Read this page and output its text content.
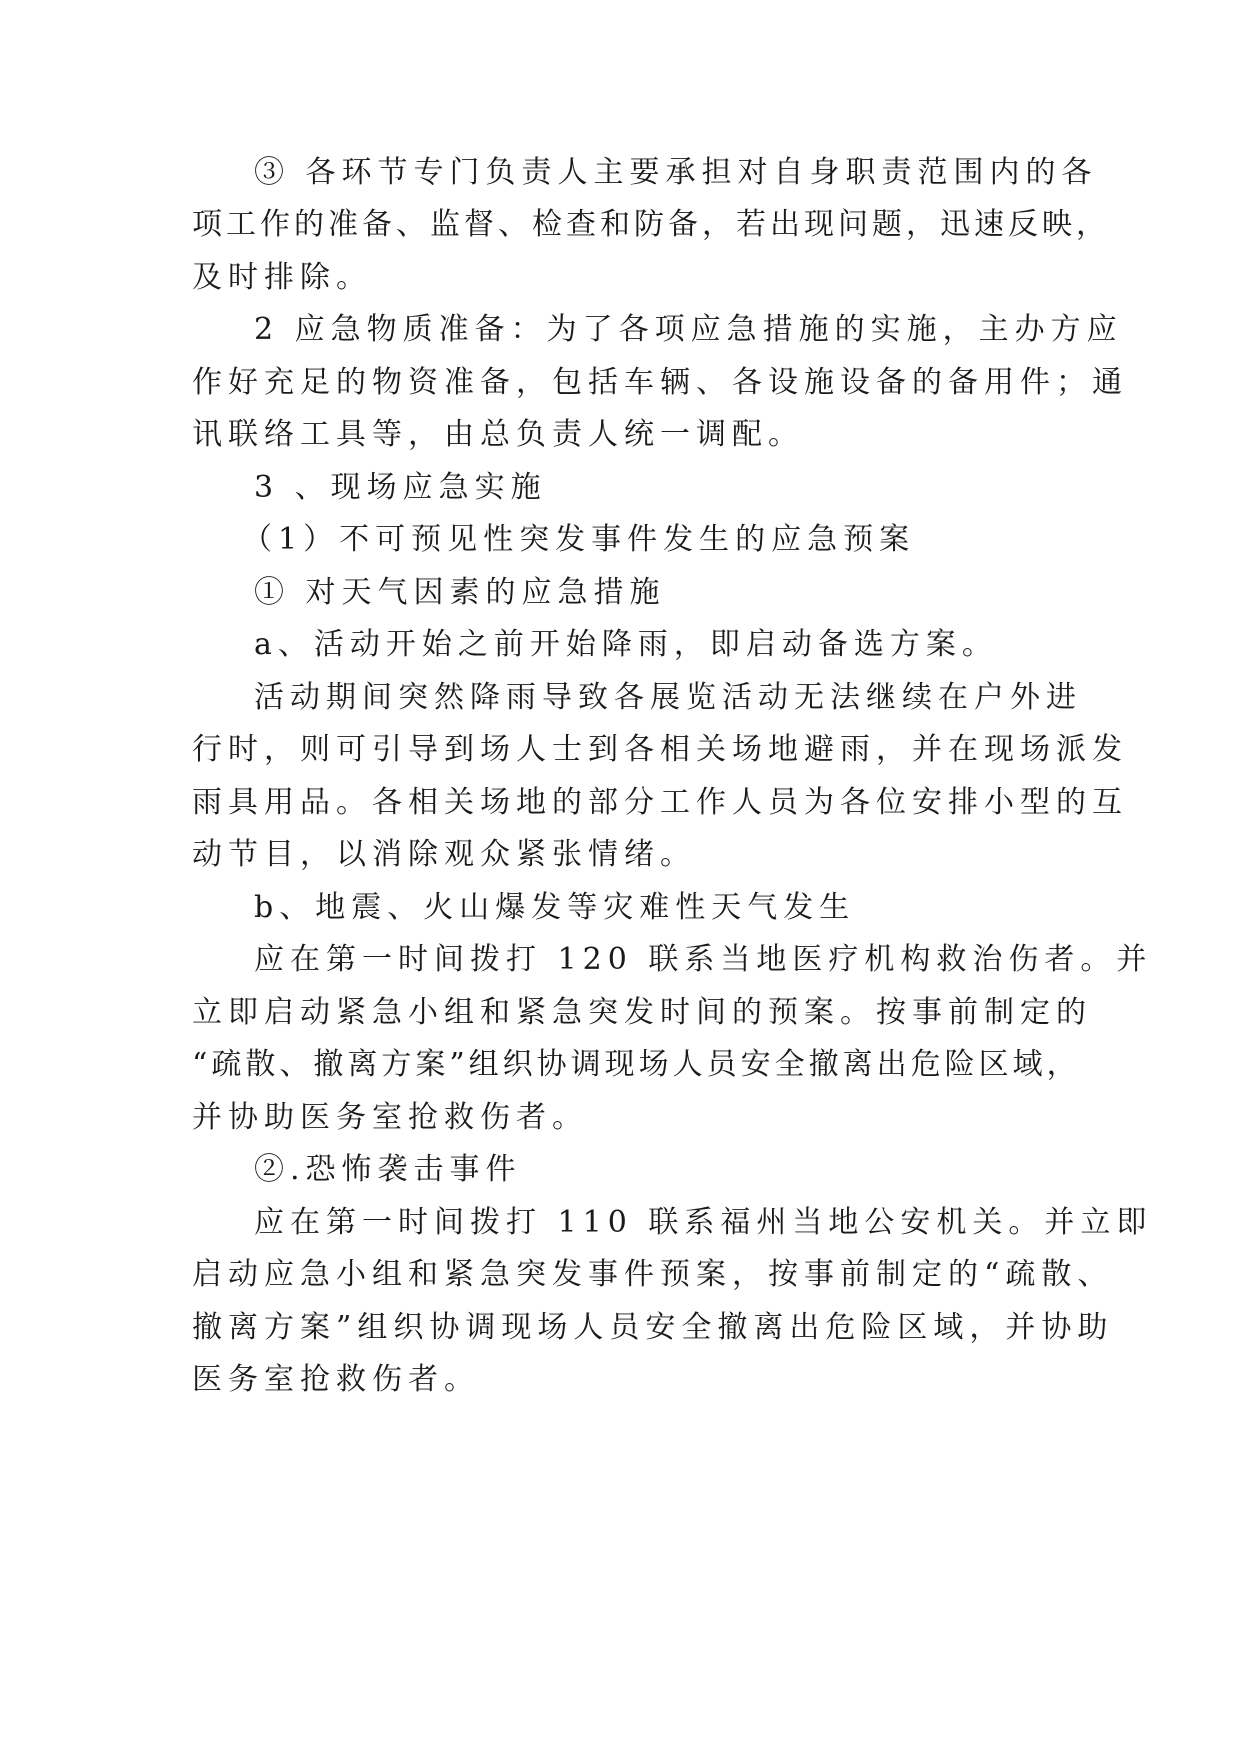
③ 各环节专门负责人主要承担对自身职责范围内的各
项工作的准备、监督、检查和防备，若出现问题，迅速反映，
及时排除。
2 应急物质准备：为了各项应急措施的实施，主办方应
作好充足的物资准备，包括车辆、各设施设备的备用件；通
讯联络工具等，由总负责人统一调配。
3 、现场应急实施
（1）不可预见性突发事件发生的应急预案
① 对天气因素的应急措施
a、活动开始之前开始降雨，即启动备选方案。
活动期间突然降雨导致各展览活动无法继续在户外进
行时，则可引导到场人士到各相关场地避雨，并在现场派发
雨具用品。各相关场地的部分工作人员为各位安排小型的互
动节目，以消除观众紧张情绪。
b、地震、火山爆发等灾难性天气发生
应在第一时间拨打 120 联系当地医疗机构救治伤者。并
立即启动紧急小组和紧急突发时间的预案。按事前制定的
“疏散、撤离方案”组织协调现场人员安全撤离出危险区域，
并协助医务室抢救伤者。
②.恐怖袭击事件
应在第一时间拨打 110 联系福州当地公安机关。并立即
启动应急小组和紧急突发事件预案，按事前制定的“疏散、
撤离方案”组织协调现场人员安全撤离出危险区域，并协助
医务室抢救伤者。
